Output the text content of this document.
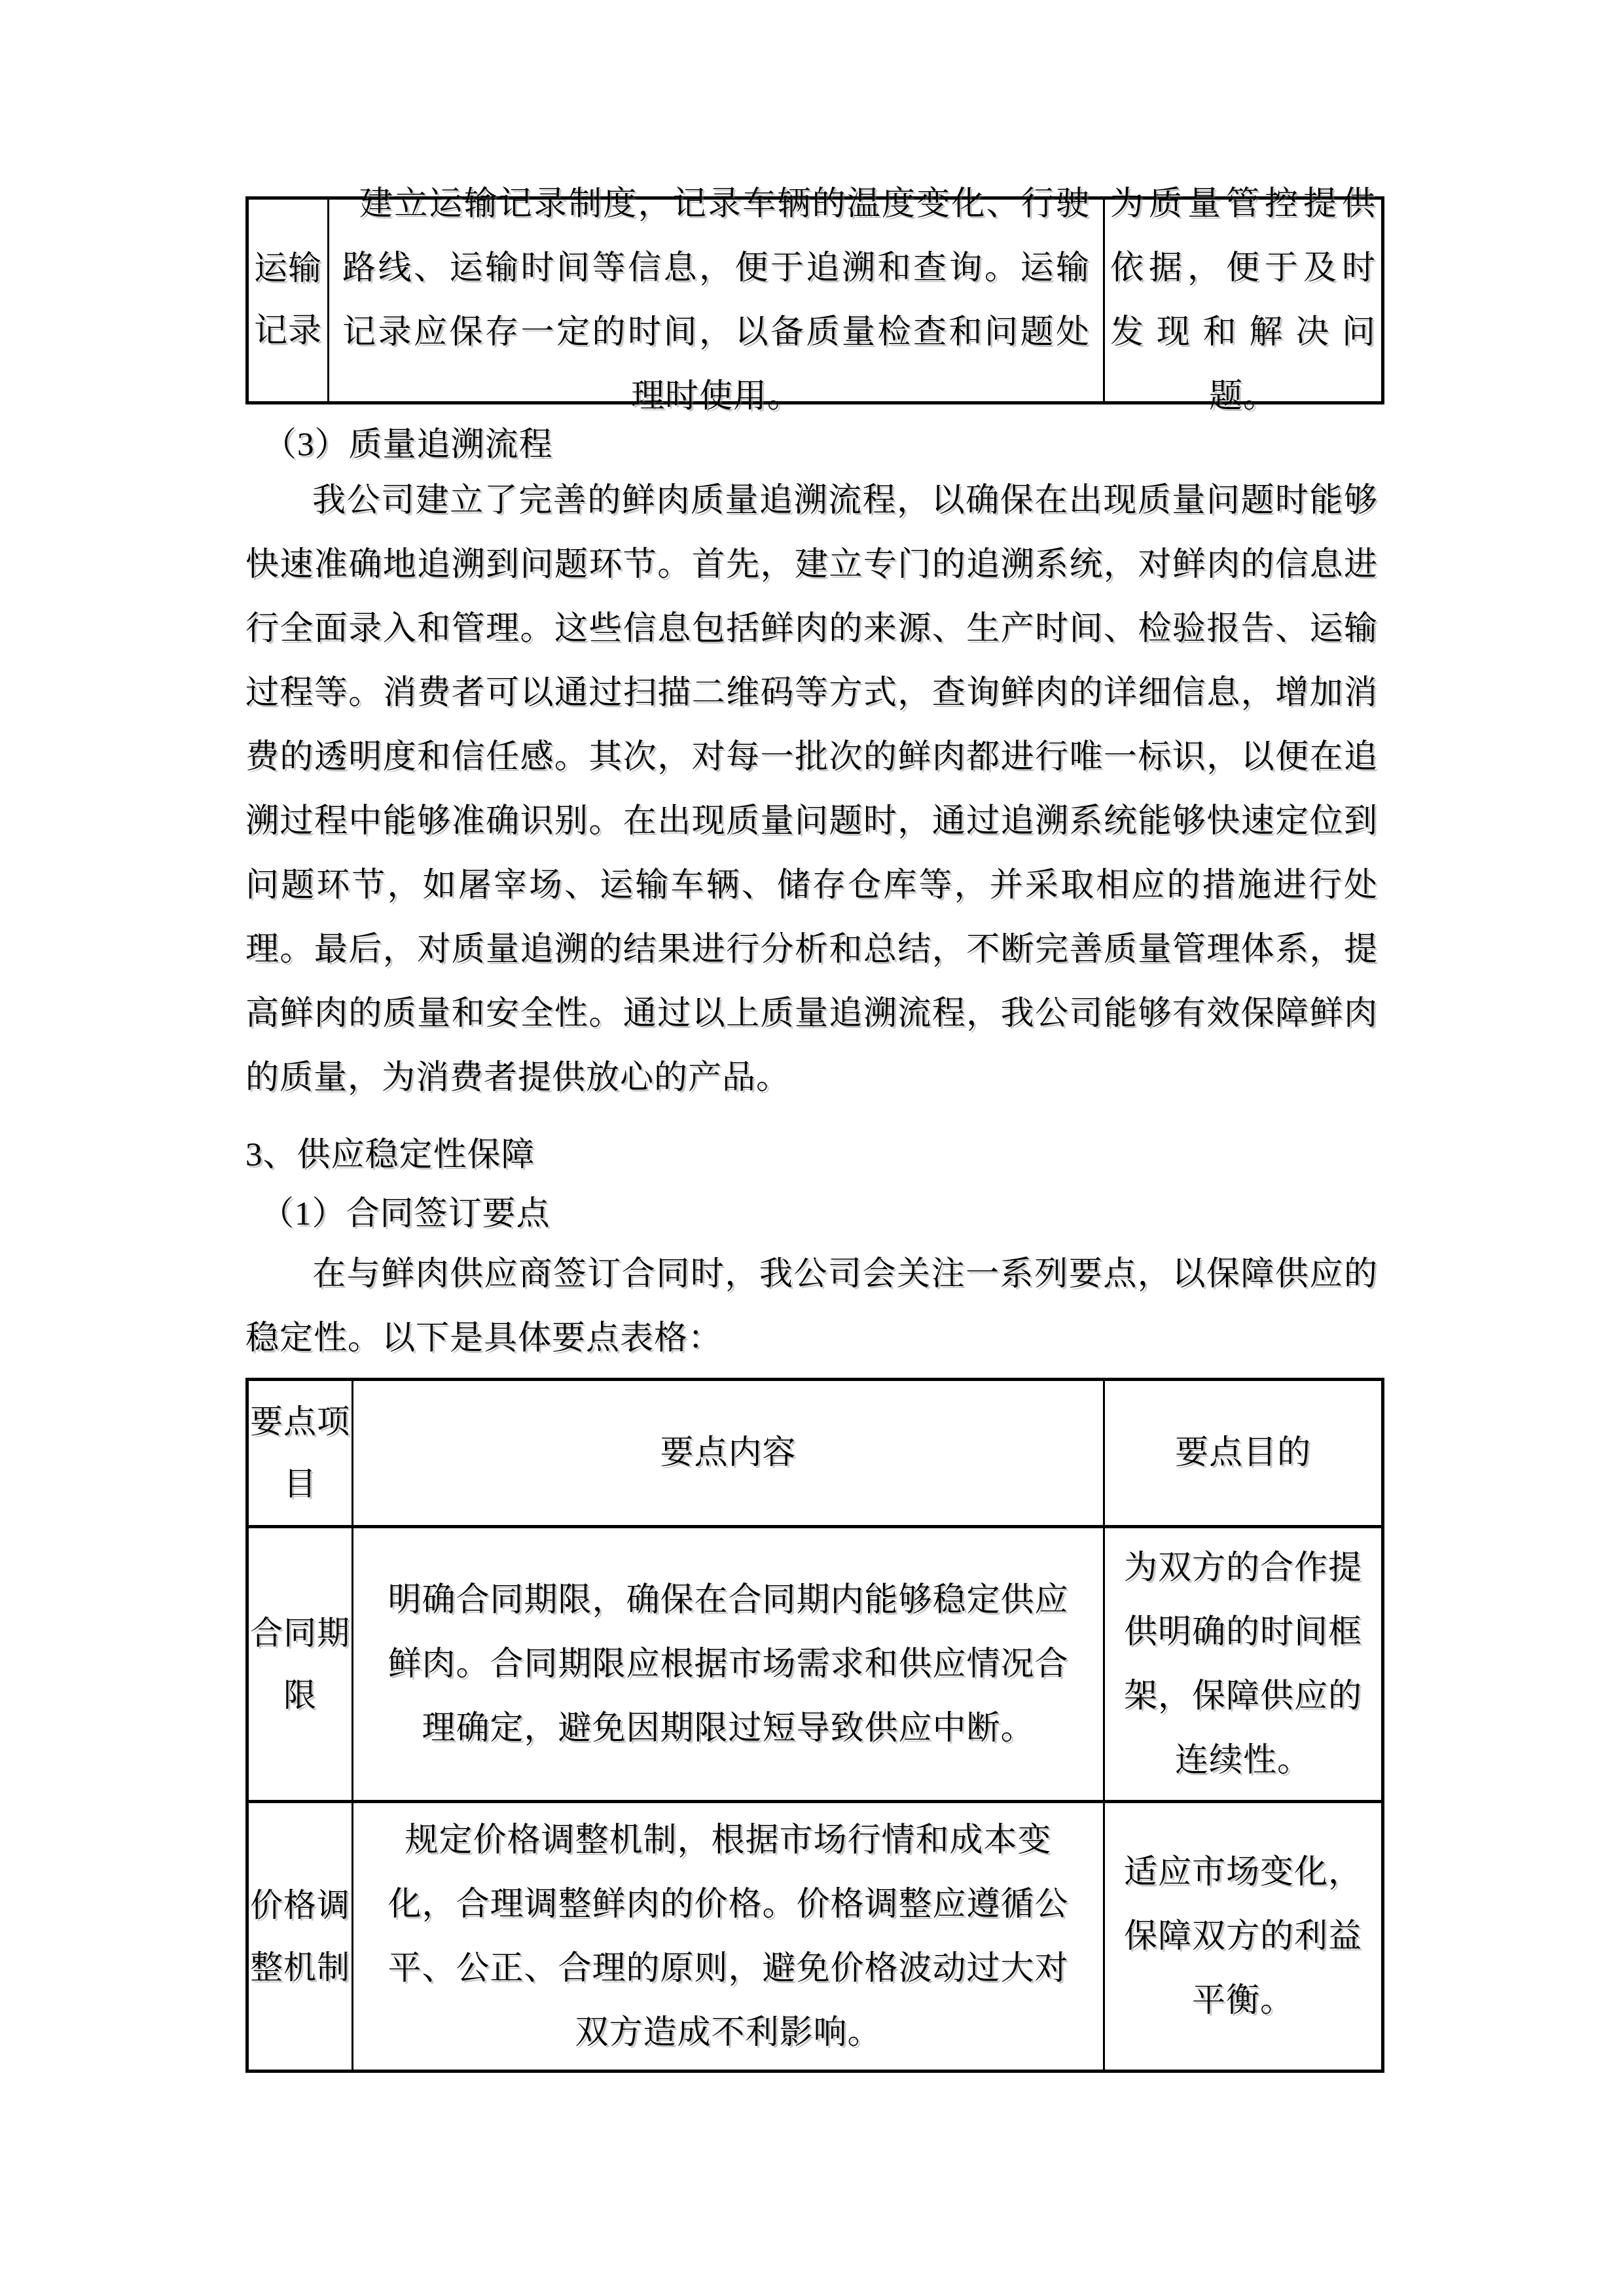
运输记录

建立运输记录制度，记录车辆的温度变化、行驶路线、运输时间等信息，便于追溯和查询。运输记录应保存一定的时间，以备质量检查和问题处理时使用。

为质量管控提供依据，便于及时发现和解决问题。

（3）质量追溯流程

我公司建立了完善的鲜肉质量追溯流程，以确保在出现质量问题时能够快速准确地追溯到问题环节。首先，建立专门的追溯系统，对鲜肉的信息进行全面录入和管理。这些信息包括鲜肉的来源、生产时间、检验报告、运输过程等。消费者可以通过扫描二维码等方式，查询鲜肉的详细信息，增加消费的透明度和信任感。其次，对每一批次的鲜肉都进行唯一标识，以便在追溯过程中能够准确识别。在出现质量问题时，通过追溯系统能够快速定位到问题环节，如屠宰场、运输车辆、储存仓库等，并采取相应的措施进行处理。最后，对质量追溯的结果进行分析和总结，不断完善质量管理体系，提高鲜肉的质量和安全性。通过以上质量追溯流程，我公司能够有效保障鲜肉的质量，为消费者提供放心的产品。

3、供应稳定性保障
（1）合同签订要点

在与鲜肉供应商签订合同时，我公司会关注一系列要点，以保障供应的稳定性。以下是具体要点表格：

要点项目

要点内容	要点目的

合同期限

明确合同期限，确保在合同期内能够稳定供应鲜肉。合同期限应根据市场需求和供应情况合理确定，避免因期限过短导致供应中断。

为双方的合作提供明确的时间框架，保障供应的连续性。

价格调整机制

规定价格调整机制，根据市场行情和成本变化，合理调整鲜肉的价格。价格调整应遵循公平、公正、合理的原则，避免价格波动过大对双方造成不利影响。

适应市场变化，保障双方的利益平衡。
